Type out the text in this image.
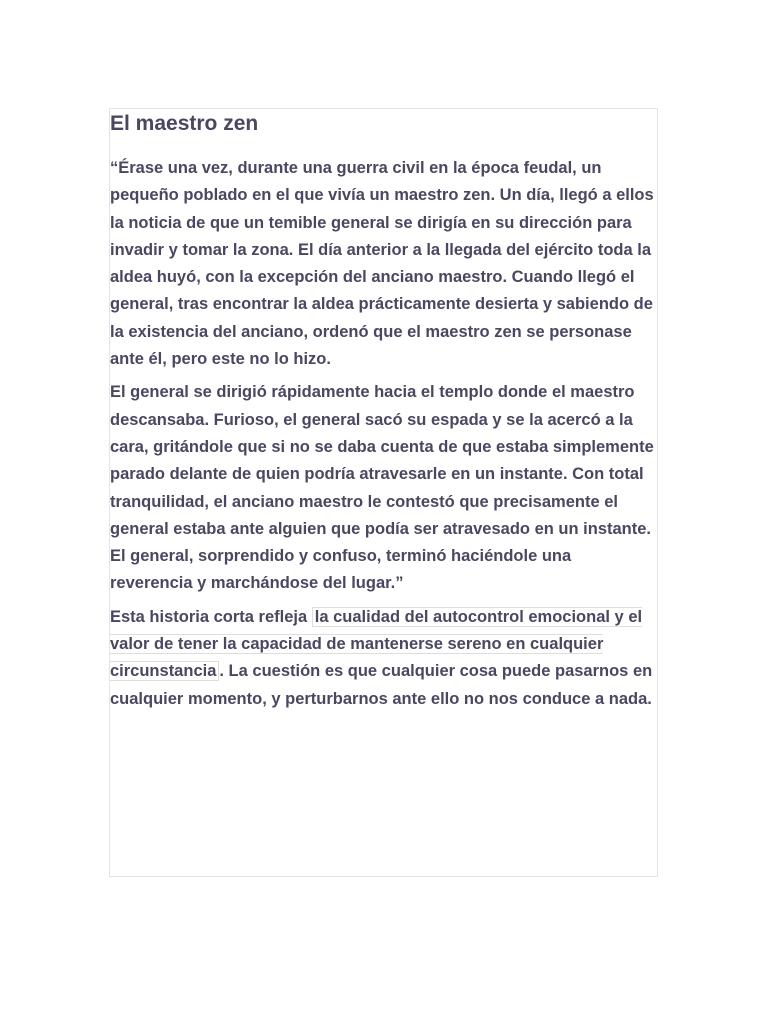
El maestro zen

“Érase una vez, durante una guerra civil en la época feudal, un pequeño poblado en el que vivía un maestro zen. Un día, llegó a ellos la noticia de que un temible general se dirigía en su dirección para invadir y tomar la zona. El día anterior a la llegada del ejército toda la aldea huyó, con la excepción del anciano maestro. Cuando llegó el general, tras encontrar la aldea prácticamente desierta y sabiendo de la existencia del anciano, ordenó que el maestro zen se personase ante él, pero este no lo hizo.

El general se dirigió rápidamente hacia el templo donde el maestro descansaba. Furioso, el general sacó su espada y se la acercó a la cara, gritándole que si no se daba cuenta de que estaba simplemente parado delante de quien podría atravesarle en un instante. Con total tranquilidad, el anciano maestro le contestó que precisamente el general estaba ante alguien que podía ser atravesado en un instante. El general, sorprendido y confuso, terminó haciéndole una reverencia y marchándose del lugar.”

Esta historia corta refleja la cualidad del autocontrol emocional y el valor de tener la capacidad de mantenerse sereno en cualquier circunstancia . La cuestión es que cualquier cosa puede pasarnos en cualquier momento, y perturbarnos ante ello no nos conduce a nada.
